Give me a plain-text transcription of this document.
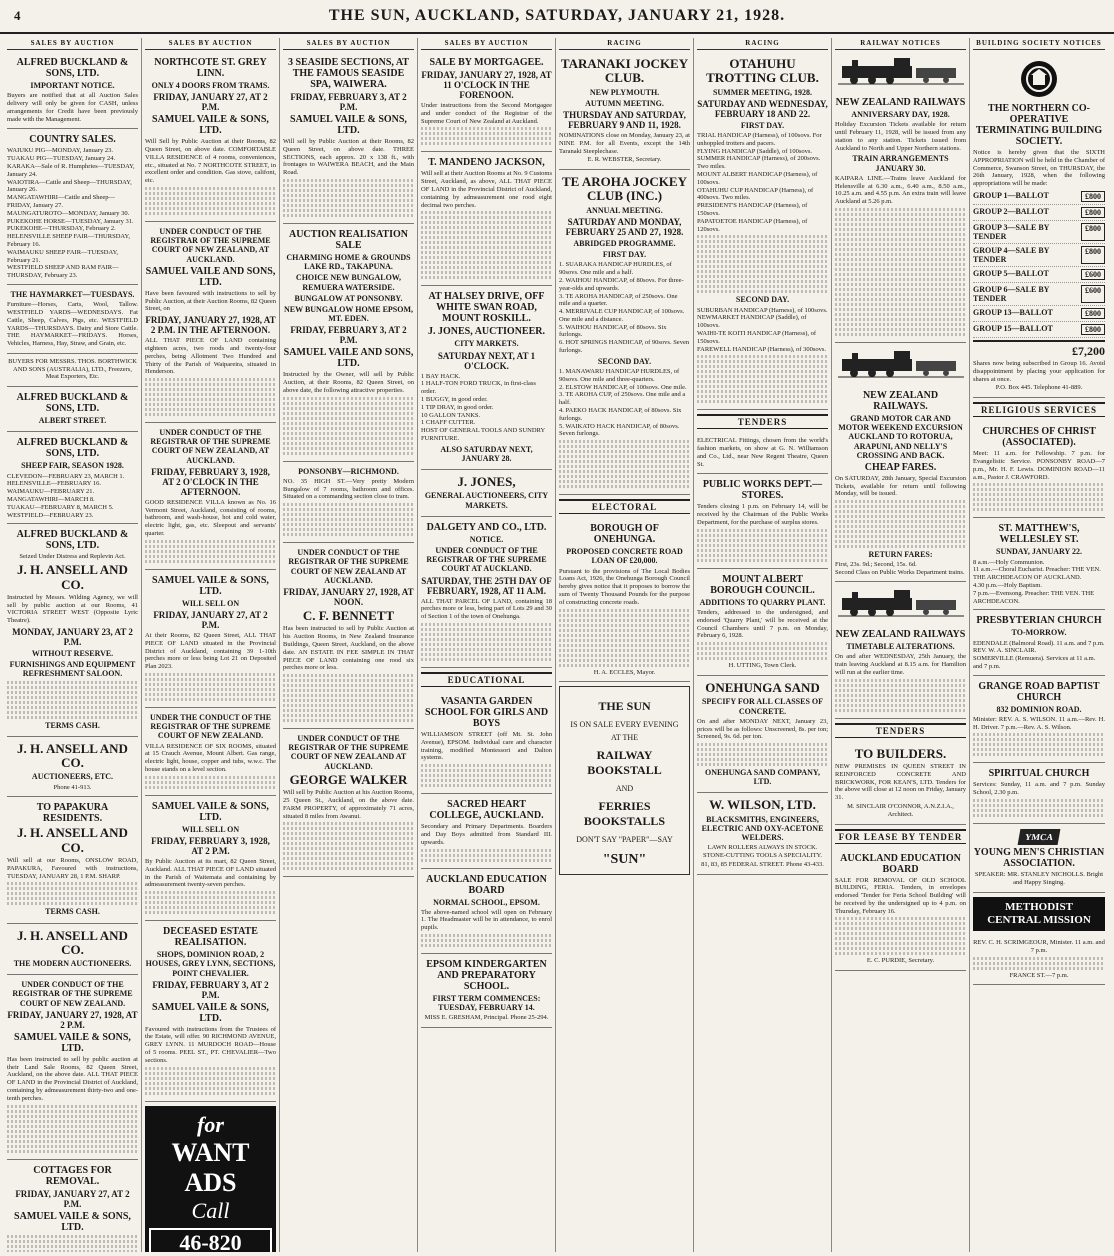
4	THE SUN, AUCKLAND, SATURDAY, JANUARY 21, 1928.
SALES BY AUCTION
ALFRED BUCKLAND & SONS, LTD.
IMPORTANT NOTICE.

Buyers are notified that at all Auction Sales delivery will only be given for CASH, unless arrangements for Credit have been previously made with the Management.

COUNTRY SALES.
WAIUKU PIG—MONDAY, January 23.
TUAKAU PIG—TUESDAY, January 24.
KARAKA—Sale of R. Humphries—TUESDAY, January 24.
WAIOTIRA—Cattle and Sheep—THURSDAY, January 26.
MANGATAWHIRI—Cattle and Sheep—FRIDAY, January 27.
MAUNGATUROTO—MONDAY, January 30.
PUKEKOHE HORSE—TUESDAY, January 31.
PUKEKOHE—THURSDAY, February 2.
HELENSVILLE SHEEP FAIR—THURSDAY, February 16.
WAIMAUKU SHEEP FAIR—TUESDAY, February 21.
WESTFIELD SHEEP AND RAM FAIR—THURSDAY, February 23.
THE HAYMARKET—TUESDAYS.

Furniture—Horses, Carts, Wool, Tallow. WESTFIELD YARDS—WEDNESDAYS. Fat Cattle, Sheep, Calves, Pigs, etc. WESTFIELD YARDS—THURSDAYS. Dairy and Store Cattle. THE HAYMARKET—FRIDAYS. Horses, Vehicles, Harness, Hay, Straw, and Grain, etc.

BUYERS FOR MESSRS. THOS. BORTHWICK AND SONS (AUSTRALIA), LTD., Freezers, Meat Exporters, Etc.

ALFRED BUCKLAND & SONS, LTD.
ALBERT STREET.
ALFRED BUCKLAND & SONS, LTD.
SHEEP FAIR, SEASON 1928.
CLEVEDON—FEBRUARY 23, MARCH 1.
HELENSVILLE—FEBRUARY 16.
WAIMAUKU—FEBRUARY 21.
MANGATAWHIRI—MARCH 8.
TUAKAU—FEBRUARY 8, MARCH 5.
WESTFIELD—FEBRUARY 23.
ALFRED BUCKLAND & SONS, LTD.

Seized Under Distress and Replevin Act.

J. H. ANSELL AND CO.

Instructed by Messrs. Wilding Agency, we will sell by public auction at our Rooms, 41 VICTORIA STREET WEST (Opposite Lyric Theatre).

MONDAY, JANUARY 23, AT 2 P.M.
WITHOUT RESERVE.
FURNISHINGS AND EQUIPMENT REFRESHMENT SALOON.
TERMS CASH.
J. H. ANSELL AND CO.
AUCTIONEERS, ETC.

Phone 41-913.

TO PAPAKURA RESIDENTS.
J. H. ANSELL AND CO.

Will sell at our Rooms, ONSLOW ROAD, PAPAKURA, Favoured with instructions, TUESDAY, JANUARY 28, 1 P.M. SHARP.

TERMS CASH.
J. H. ANSELL AND CO.
THE MODERN AUCTIONEERS.
UNDER CONDUCT OF THE REGISTRAR OF THE SUPREME COURT OF NEW ZEALAND.
FRIDAY, JANUARY 27, 1928, AT 2 P.M.
SAMUEL VAILE & SONS, LTD.

Has been instructed to sell by public auction at their Land Sale Rooms, 82 Queen Street, Auckland, on the above date. ALL THAT PIECE OF LAND in the Provincial District of Auckland, containing by admeasurement thirty-two and one-tenth perches.

COTTAGES FOR REMOVAL.
FRIDAY, JANUARY 27, AT 2 P.M.
SAMUEL VAILE & SONS, LTD.
SALES BY AUCTION
NORTHCOTE ST. GREY LINN.
ONLY 4 DOORS FROM TRAMS.
FRIDAY, JANUARY 27, AT 2 P.M.
SAMUEL VAILE & SONS, LTD.

Will Sell by Public Auction at their Rooms, 82 Queen Street, on above date. COMFORTABLE VILLA RESIDENCE of 4 rooms, conveniences, etc., situated at No. 7 NORTHCOTE STREET, in excellent order and condition. Gas stove, califont, etc.

UNDER CONDUCT OF THE REGISTRAR OF THE SUPREME COURT OF NEW ZEALAND, AT AUCKLAND.
SAMUEL VAILE AND SONS, LTD.

Have been favoured with instructions to sell by Public Auction, at their Auction Rooms, 82 Queen Street, on

FRIDAY, JANUARY 27, 1928, AT 2 P.M. IN THE AFTERNOON.

ALL THAT PIECE OF LAND containing eighteen acres, two roods and twenty-four perches, being Allotment Two Hundred and Thirty of the Parish of Waipareira, situated in Henderson.

UNDER CONDUCT OF THE REGISTRAR OF THE SUPREME COURT OF NEW ZEALAND, AT AUCKLAND.
FRIDAY, FEBRUARY 3, 1928, AT 2 O'CLOCK IN THE AFTERNOON.

GOOD RESIDENCE VILLA known as No. 16 Vermont Street, Auckland, consisting of rooms, bathroom, and wash-house, hot and cold water, electric light, gas, etc. Sleepout and servants' quarter.

SAMUEL VAILE & SONS, LTD.
WILL SELL ON
FRIDAY, JANUARY 27, AT 2 P.M.

At their Rooms, 82 Queen Street, ALL THAT PIECE OF LAND situated in the Provincial District of Auckland, containing 39 1-10th perches more or less being Lot 21 on Deposited Plan 2023.

UNDER THE CONDUCT OF THE REGISTRAR OF THE SUPREME COURT OF NEW ZEALAND.

VILLA RESIDENCE OF SIX ROOMS, situated at 15 Crauch Avenue, Mount Albert. Gas range, electric light, house, copper and tubs, w.w.c. The house stands on a level section.

SAMUEL VAILE & SONS, LTD.
WILL SELL ON
FRIDAY, FEBRUARY 3, 1928, AT 2 P.M.

By Public Auction at its mart, 82 Queen Street, Auckland. ALL THAT PIECE OF LAND situated in the Parish of Waitemata and containing by admeasurement twenty-seven perches.

DECEASED ESTATE REALISATION.
SHOPS, DOMINION ROAD, 2 HOUSES, GREY LYNN, SECTIONS, POINT CHEVALIER.
FRIDAY, FEBRUARY 3, AT 2 P.M.
SAMUEL VAILE & SONS, LTD.

Favoured with instructions from the Trustees of the Estate, will offer. 90 RICHMOND AVENUE, GREY LYNN. 11 MURDOCH ROAD—House of 5 rooms. PEEL ST., PT. CHEVALIER—Two sections.

for
WANT ADS
Call
46-820
SALES BY AUCTION
3 SEASIDE SECTIONS, AT THE FAMOUS SEASIDE SPA, WAIWERA.
FRIDAY, FEBRUARY 3, AT 2 P.M.
SAMUEL VAILE & SONS, LTD.

Will sell by Public Auction at their Rooms, 82 Queen Street, on above date. THREE SECTIONS, each approx. 20 x 138 ft., with frontages to WAIWERA BEACH, and the Main Road.

AUCTION REALISATION SALE
CHARMING HOME & GROUNDS LAKE RD., TAKAPUNA.
CHOICE NEW BUNGALOW, REMUERA WATERSIDE.
BUNGALOW AT PONSONBY.
NEW BUNGALOW HOME EPSOM, MT. EDEN.
FRIDAY, FEBRUARY 3, AT 2 P.M.
SAMUEL VAILE AND SONS, LTD.

Instructed by the Owner, will sell by Public Auction, at their Rooms, 82 Queen Street, on above date, the following attractive properties.

PONSONBY—RICHMOND.

NO. 35 HIGH ST.—Very pretty Modern Bungalow of 7 rooms, bathroom and offices. Situated on a commanding section close to tram.

UNDER CONDUCT OF THE REGISTRAR OF THE SUPREME COURT OF NEW ZEALAND AT AUCKLAND.
FRIDAY, JANUARY 27, 1928, AT NOON.
C. F. BENNETT

Has been instructed to sell by Public Auction at his Auction Rooms, in New Zealand Insurance Buildings, Queen Street, Auckland, on the above date. AN ESTATE IN FEE SIMPLE IN THAT PIECE OF LAND containing one rood six perches more or less.

UNDER CONDUCT OF THE REGISTRAR OF THE SUPREME COURT OF NEW ZEALAND AT AUCKLAND.
GEORGE WALKER

Will sell by Public Auction at his Auction Rooms, 25 Queen St., Auckland, on the above date. FARM PROPERTY, of approximately 71 acres, situated 8 miles from Awanui.

SALES BY AUCTION
SALE BY MORTGAGEE.
FRIDAY, JANUARY 27, 1928, AT 11 O'CLOCK IN THE FORENOON.

Under instructions from the Second Mortgagee and under conduct of the Registrar of the Supreme Court of New Zealand at Auckland.

T. MANDENO JACKSON,

Will sell at their Auction Rooms at No. 9 Customs Street, Auckland, as above, ALL THAT PIECE OF LAND in the Provincial District of Auckland, containing by admeasurement one rood eight decimal two perches.

AT HALSEY DRIVE, OFF WHITE SWAN ROAD, MOUNT ROSKILL.
J. JONES, AUCTIONEER.
CITY MARKETS.
SATURDAY NEXT, AT 1 O'CLOCK.
1 BAY HACK.
1 HALF-TON FORD TRUCK, in first-class order.
1 BUGGY, in good order.
1 TIP DRAY, in good order.
10 GALLON TANKS.
1 CHAFF CUTTER.
HOST OF GENERAL TOOLS AND SUNDRY FURNITURE.
ALSO SATURDAY NEXT, JANUARY 28.
J. JONES,
GENERAL AUCTIONEERS, CITY MARKETS.
DALGETY AND CO., LTD.
NOTICE.
UNDER CONDUCT OF THE REGISTRAR OF THE SUPREME COURT AT AUCKLAND.
SATURDAY, THE 25TH DAY OF FEBRUARY, 1928, AT 11 A.M.

ALL THAT PARCEL OF LAND, containing 18 perches more or less, being part of Lots 29 and 30 of Section 1 of the town of Onehunga.

EDUCATIONAL
VASANTA GARDEN SCHOOL FOR GIRLS AND BOYS

WILLIAMSON STREET (off Mt. St. John Avenue), EPSOM. Individual care and character training, modified Montessori and Dalton systems.

SACRED HEART COLLEGE, AUCKLAND.

Secondary and Primary Departments. Boarders and Day Boys admitted from Standard III. upwards.

AUCKLAND EDUCATION BOARD
NORMAL SCHOOL, EPSOM.

The above-named school will open on February 1. The Headmaster will be in attendance, to enrol pupils.

EPSOM KINDERGARTEN AND PREPARATORY SCHOOL.
FIRST TERM COMMENCES: TUESDAY, FEBRUARY 14.

MISS E. GRESHAM, Principal. Phone 25-294.

RACING
TARANAKI JOCKEY CLUB.
NEW PLYMOUTH.
AUTUMN MEETING.
THURSDAY AND SATURDAY, FEBRUARY 9 AND 11, 1928.

NOMINATIONS close on Monday, January 23, at NINE P.M. for all Events, except the 14th Taranaki Steeplechase.

E. R. WEBSTER, Secretary.

TE AROHA JOCKEY CLUB (INC.)
ANNUAL MEETING.
SATURDAY AND MONDAY, FEBRUARY 25 AND 27, 1928.
ABRIDGED PROGRAMME.
FIRST DAY.
1. SUARAKA HANDICAP HURDLES, of 90sovs. One mile and a half.
2. WAIHOU HANDICAP, of 80sovs. For three-year-olds and upwards.
3. TE AROHA HANDICAP, of 250sovs. One mile and a quarter.
4. MERRIVALE CUP HANDICAP, of 100sovs. One mile and a distance.
5. WAIHOU HANDICAP, of 80sovs. Six furlongs.
6. HOT SPRINGS HANDICAP, of 90sovs. Seven furlongs.
SECOND DAY.
1. MANAWARU HANDICAP HURDLES, of 90sovs. One mile and three-quarters.
2. ELSTOW HANDICAP, of 100sovs. One mile.
3. TE AROHA CUP, of 250sovs. One mile and a half.
4. PAEKO HACK HANDICAP, of 80sovs. Six furlongs.
5. WAIKATO HACK HANDICAP, of 80sovs. Seven furlongs.
ELECTORAL
BOROUGH OF ONEHUNGA.
PROPOSED CONCRETE ROAD LOAN OF £20,000.

Pursuant to the provisions of The Local Bodies Loans Act, 1926, the Onehunga Borough Council hereby gives notice that it proposes to borrow the sum of Twenty Thousand Pounds for the purpose of constructing concrete roads.

H. A. ECCLES, Mayor.

THE SUN
IS ON SALE EVERY EVENING
AT THE
RAILWAY BOOKSTALL
AND
FERRIES BOOKSTALLS
DON'T SAY "PAPER"—SAY
"SUN"
RACING
OTAHUHU TROTTING CLUB.
SUMMER MEETING, 1928.
SATURDAY AND WEDNESDAY, FEBRUARY 18 AND 22.
FIRST DAY.
TRIAL HANDICAP (Harness), of 100sovs. For unhoppled trotters and pacers.
FLYING HANDICAP (Saddle), of 100sovs.
SUMMER HANDICAP (Harness), of 200sovs. Two miles.
MOUNT ALBERT HANDICAP (Harness), of 100sovs.
OTAHUHU CUP HANDICAP (Harness), of 400sovs. Two miles.
PRESIDENT'S HANDICAP (Harness), of 150sovs.
PAPATOETOE HANDICAP (Harness), of 120sovs.
SECOND DAY.
SUBURBAN HANDICAP (Harness), of 100sovs.
NEWMARKET HANDICAP (Saddle), of 100sovs.
WAIHI-TE KOITI HANDICAP (Harness), of 150sovs.
FAREWELL HANDICAP (Harness), of 300sovs.
TENDERS

ELECTRICAL Fittings, chosen from the world's fashion markets, on show at G. N. Williamson and Co., Ltd., near New Regent Theatre, Queen St.

PUBLIC WORKS DEPT.—STORES.

Tenders closing 1 p.m. on February 14, will be received by the Chairman of the Public Works Department, for the purchase of surplus stores.

MOUNT ALBERT BOROUGH COUNCIL.
ADDITIONS TO QUARRY PLANT.

Tenders, addressed to the undersigned, and endorsed 'Quarry Plant,' will be received at the Council Chambers until 7 p.m. on Monday, February 6, 1928.

H. UTTING, Town Clerk.

ONEHUNGA SAND
SPECIFY FOR ALL CLASSES OF CONCRETE.

On and after MONDAY NEXT, January 23, prices will be as follows: Unscreened, 8s. per ton; Screened, 9s. 6d. per ton.

ONEHUNGA SAND COMPANY, LTD.
W. WILSON, LTD.
BLACKSMITHS, ENGINEERS, ELECTRIC AND OXY-ACETONE WELDERS.

LAWN ROLLERS ALWAYS IN STOCK. STONE-CUTTING TOOLS A SPECIALITY.

81, 83, 85 FEDERAL STREET. Phone 43-433.

RAILWAY NOTICES
NEW ZEALAND RAILWAYS
ANNIVERSARY DAY, 1928.

Holiday Excursion Tickets available for return until February 11, 1928, will be issued from any station to any station. Tickets issued from Auckland to North and Upper Northern stations.

TRAIN ARRANGEMENTS JANUARY 30.

KAIPARA LINE.—Trains leave Auckland for Helensville at 6.30 a.m., 6.40 a.m., 8.50 a.m., 10.25 a.m. and 4.55 p.m. An extra train will leave Auckland at 5.26 p.m.

NEW ZEALAND RAILWAYS.
GRAND MOTOR CAR AND MOTOR WEEKEND EXCURSION AUCKLAND TO ROTORUA, ARAPUNI, AND NELLY'S CROSSING AND BACK.
CHEAP FARES.

On SATURDAY, 28th January, Special Excursion Tickets, available for return until following Monday, will be issued.

RETURN FARES:
First, 23s. 9d.; Second, 15s. 6d.
Second Class on Public Works Department trains.
NEW ZEALAND RAILWAYS
TIMETABLE ALTERATIONS.

On and after WEDNESDAY, 25th January, the train leaving Auckland at 8.15 a.m. for Hamilton will run at the earlier time.

TENDERS
TO BUILDERS.

NEW PREMISES IN QUEEN STREET IN REINFORCED CONCRETE AND BRICKWORK, FOR KEAN'S, LTD. Tenders for the above will close at 12 noon on Friday, January 31.

M. SINCLAIR O'CONNOR, A.N.Z.I.A., Architect.

FOR LEASE BY TENDER
AUCKLAND EDUCATION BOARD

SALE FOR REMOVAL OF OLD SCHOOL BUILDING, FERIA. Tenders, in envelopes endorsed 'Tender for Feria School Building' will be received by the undersigned up to 4 p.m. on Thursday, February 16.

E. C. PURDIE, Secretary.

BUILDING SOCIETY NOTICES
THE NORTHERN CO-OPERATIVE TERMINATING BUILDING SOCIETY.

Notice is hereby given that the SIXTH APPROPRIATION will be held in the Chamber of Commerce, Swanson Street, on THURSDAY, the 26th January, 1928, when the following appropriations will be made:

GROUP 1—BALLOT	£800
GROUP 2—BALLOT	£800
GROUP 3—SALE BY TENDER
£800
GROUP 4—SALE BY TENDER
£800
GROUP 5—BALLOT	£600
GROUP 6—SALE BY TENDER
£600
GROUP 13—BALLOT	£800
GROUP 15—BALLOT	£800
£7,200

Shares now being subscribed in Group 16. Avoid disappointment by placing your application for shares at once.

P.O. Box 445. Telephone 41-889.

RELIGIOUS SERVICES
CHURCHES OF CHRIST (ASSOCIATED).

Meet: 11 a.m. for Fellowship. 7 p.m. for Evangelistic Service. PONSONBY ROAD—7 p.m., Mr. H. F. Lewis. DOMINION ROAD—11 a.m., Pastor J. CRAWFORD.

ST. MATTHEW'S, WELLESLEY ST.
SUNDAY, JANUARY 22.
8 a.m.—Holy Communion.
11 a.m.—Choral Eucharist. Preacher: THE VEN. THE ARCHDEACON OF AUCKLAND.
4.30 p.m.—Holy Baptism.
7 p.m.—Evensong. Preacher: THE VEN. THE ARCHDEACON.
PRESBYTERIAN CHURCH
TO-MORROW.
EDENDALE (Balmoral Road). 11 a.m. and 7 p.m. REV. W. A. SINCLAIR.
SOMERVILLE (Remuera). Services at 11 a.m. and 7 p.m.
GRANGE ROAD BAPTIST CHURCH
832 DOMINION ROAD.

Minister: REV. A. S. WILSON. 11 a.m.—Rev. H. H. Driver. 7 p.m.—Rev. A. S. Wilson.

SPIRITUAL CHURCH

Services: Sunday, 11 a.m. and 7 p.m. Sunday School, 2.30 p.m.

YMCA
YOUNG MEN'S CHRISTIAN ASSOCIATION.

SPEAKER: MR. STANLEY NICHOLLS. Bright and Happy Singing.

METHODIST CENTRAL MISSION

REV. C. H. SCRIMGEOUR, Minister. 11 a.m. and 7 p.m.

FRANCE ST.—7 p.m.
